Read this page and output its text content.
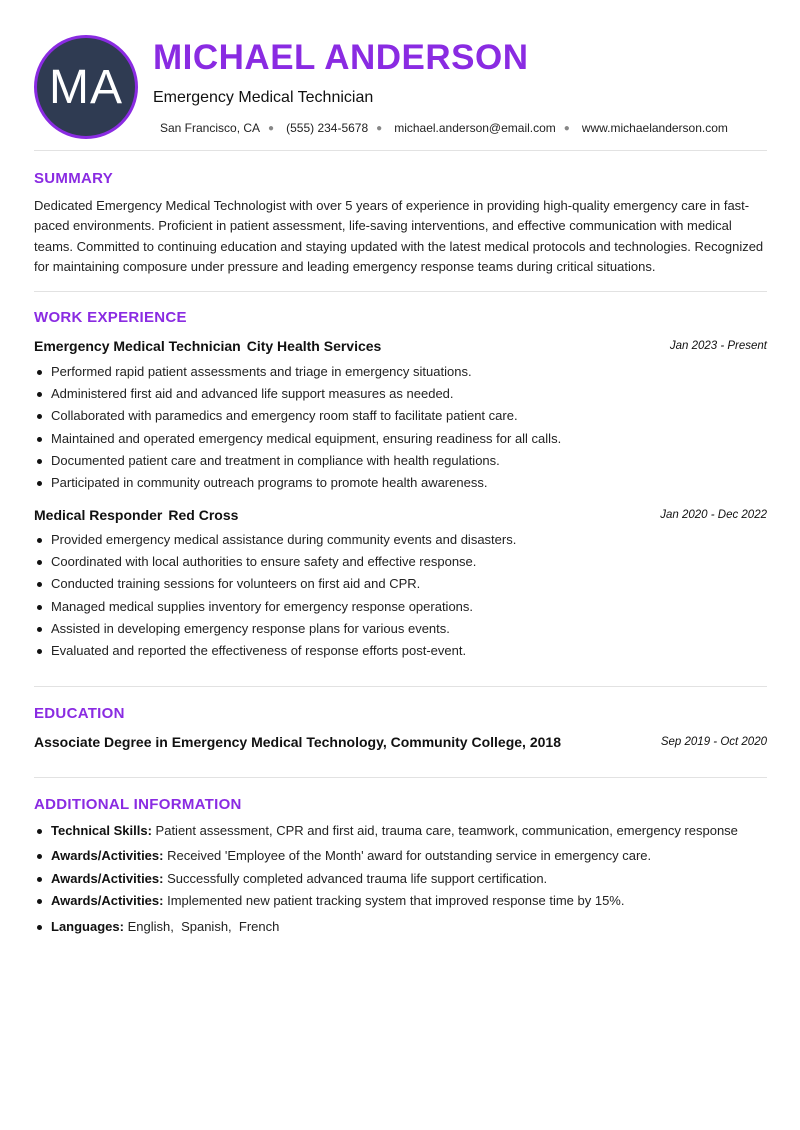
MA
MICHAEL ANDERSON
Emergency Medical Technician
San Francisco, CA ● (555) 234-5678 ● michael.anderson@email.com ● www.michaelanderson.com
SUMMARY

Dedicated Emergency Medical Technologist with over 5 years of experience in providing high-quality emergency care in fast-paced environments. Proficient in patient assessment, life-saving interventions, and effective communication with medical teams. Committed to continuing education and staying updated with the latest medical protocols and technologies. Recognized for maintaining composure under pressure and leading emergency response teams during critical situations.

WORK EXPERIENCE
Emergency Medical Technician City Health Services	Jan 2023 - Present
Performed rapid patient assessments and triage in emergency situations.
Administered first aid and advanced life support measures as needed.
Collaborated with paramedics and emergency room staff to facilitate patient care.
Maintained and operated emergency medical equipment, ensuring readiness for all calls.
Documented patient care and treatment in compliance with health regulations.
Participated in community outreach programs to promote health awareness.
Medical Responder Red Cross	Jan 2020 - Dec 2022
Provided emergency medical assistance during community events and disasters.
Coordinated with local authorities to ensure safety and effective response.
Conducted training sessions for volunteers on first aid and CPR.
Managed medical supplies inventory for emergency response operations.
Assisted in developing emergency response plans for various events.
Evaluated and reported the effectiveness of response efforts post-event.
EDUCATION
Associate Degree in Emergency Medical Technology, Community College, 2018	Sep 2019 - Oct 2020
ADDITIONAL INFORMATION
Technical Skills: Patient assessment, CPR and first aid, trauma care, teamwork, communication, emergency response
Awards/Activities: Received 'Employee of the Month' award for outstanding service in emergency care.
Awards/Activities: Successfully completed advanced trauma life support certification.
Awards/Activities: Implemented new patient tracking system that improved response time by 15%.
Languages: English,  Spanish,  French
